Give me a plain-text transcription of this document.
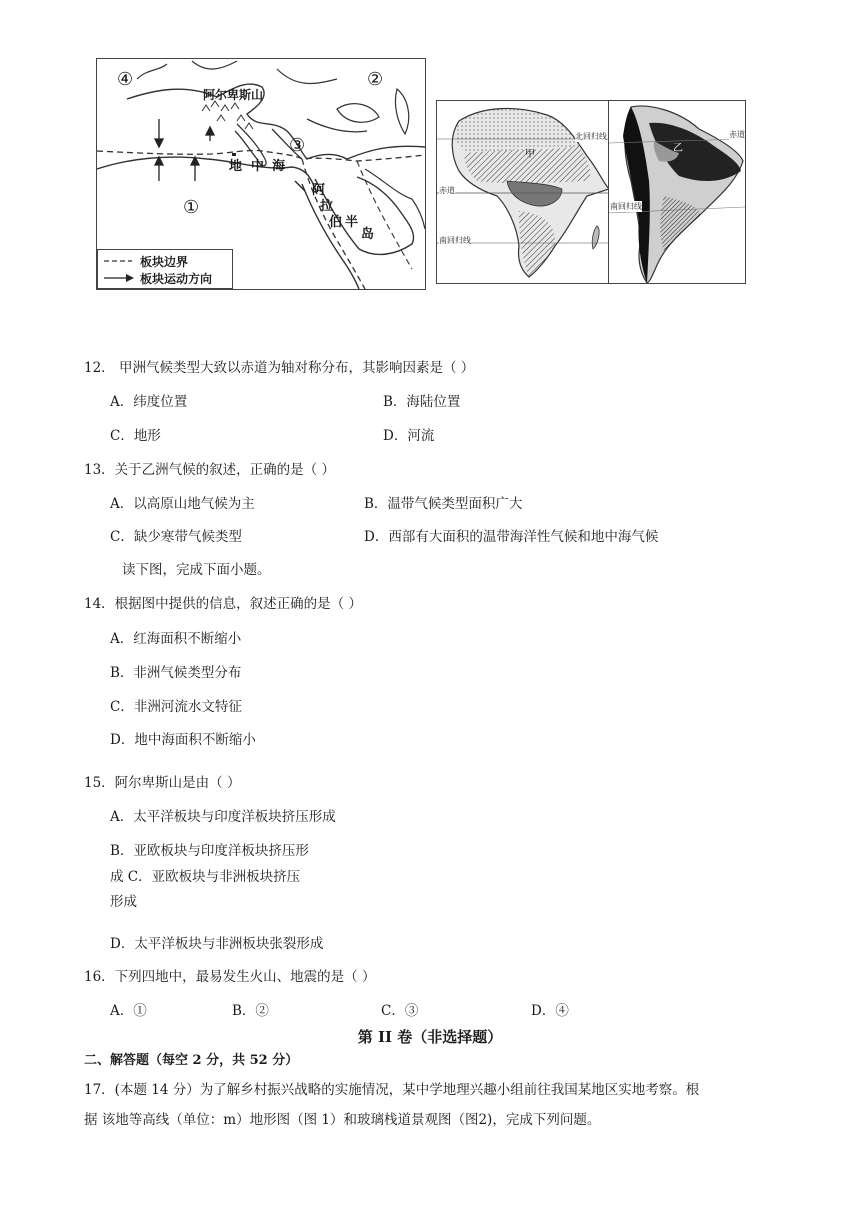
④	②
③
①
阿尔卑斯山
地 中 海
阿
拉
伯 半
岛
板块边界
板块运动方向
北回归线
赤道
南回归线
甲
赤道
南回归线
乙
12． 甲洲气候类型大致以赤道为轴对称分布，其影响因素是（ ）
A．纬度位置	B．海陆位置
C．地形	D．河流
13．关于乙洲气候的叙述，正确的是（ ）
A．以高原山地气候为主	B．温带气候类型面积广大
C．缺少寒带气候类型	D．西部有大面积的温带海洋性气候和地中海气候
读下图，完成下面小题。
14．根据图中提供的信息，叙述正确的是（ ）
A．红海面积不断缩小
B．非洲气候类型分布
C．非洲河流水文特征
D．地中海面积不断缩小
15．阿尔卑斯山是由（ ）
A．太平洋板块与印度洋板块挤压形成
B．亚欧板块与印度洋板块挤压形
成 C．亚欧板块与非洲板块挤压
形成
D．太平洋板块与非洲板块张裂形成
16．下列四地中，最易发生火山、地震的是（ ）
A．①	B．②	C．③	D．④
第 II 卷（非选择题）
二、解答题（每空 2 分，共 52 分）
17．(本题 14 分）为了解乡村振兴战略的实施情况，某中学地理兴趣小组前往我国某地区实地考察。根
据 该地等高线（单位：m）地形图（图 1）和玻璃栈道景观图（图2)，完成下列问题。
